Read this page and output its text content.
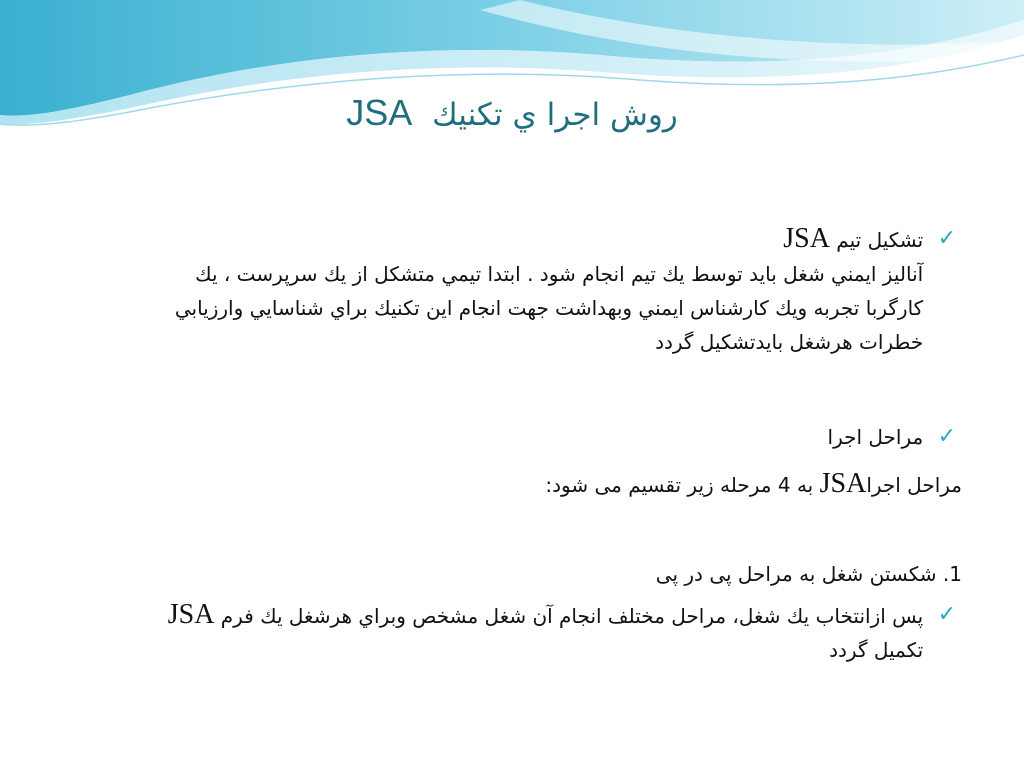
روش اجرا ي تكنيك JSA
✓
تشكيل تيم JSA
آناليز ايمني شغل بايد توسط يك تيم انجام شود . ابتدا تيمي متشكل از يك سرپرست ، يك
كارگربا تجربه ويك كارشناس ايمني وبهداشت جهت انجام اين تكنيك براي شناسايي وارزيابي
خطرات هرشغل بايدتشكيل گردد
✓ مراحل اجرا
مراحل اجراJSA به 4 مرحله زير تقسيم مى شود:
1. شكستن شغل به مراحل پى در پى
✓
پس ازانتخاب يك شغل، مراحل مختلف انجام آن شغل مشخص وبراي هرشغل يك فرم JSA
تكميل گردد
